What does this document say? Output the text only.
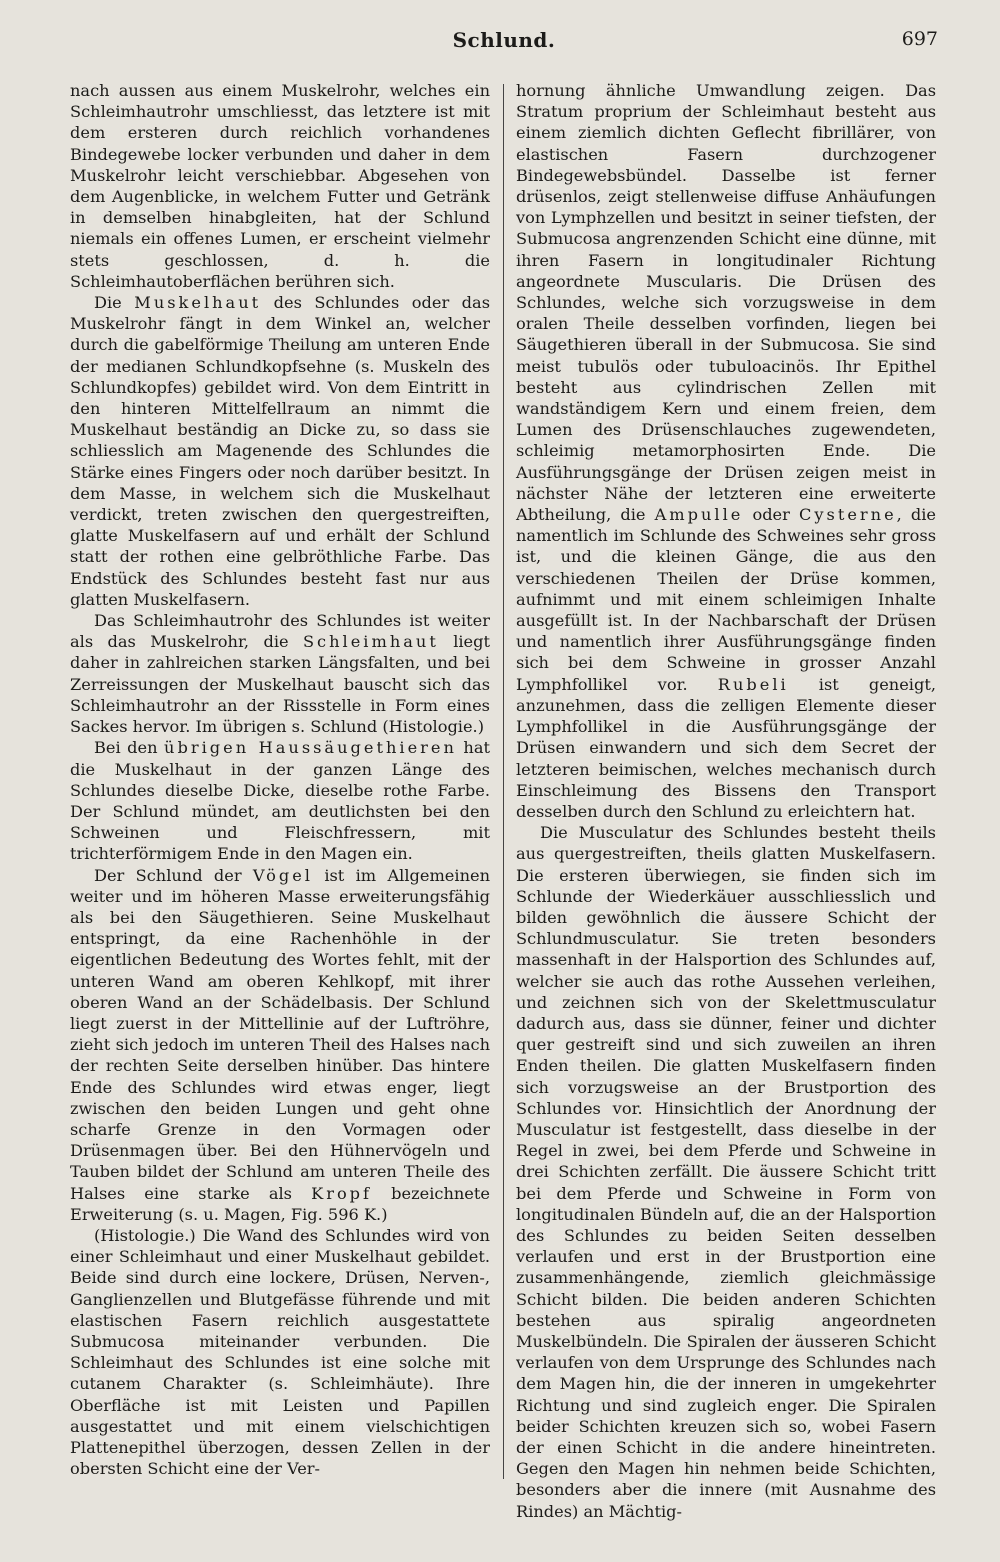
Schlund.	697

nach aussen aus einem Muskelrohr, welches ein Schleimhautrohr umschliesst, das letztere ist mit dem ersteren durch reichlich vorhandenes Bindegewebe locker verbunden und daher in dem Muskelrohr leicht verschiebbar. Abgesehen von dem Augenblicke, in welchem Futter und Getränk in demselben hinabgleiten, hat der Schlund niemals ein offenes Lumen, er erscheint vielmehr stets geschlossen, d. h. die Schleimhautoberflächen berühren sich.

Die Muskelhaut des Schlundes oder das Muskelrohr fängt in dem Winkel an, welcher durch die gabelförmige Theilung am unteren Ende der medianen Schlundkopfsehne (s. Muskeln des Schlundkopfes) gebildet wird. Von dem Eintritt in den hinteren Mittelfellraum an nimmt die Muskelhaut beständig an Dicke zu, so dass sie schliesslich am Magenende des Schlundes die Stärke eines Fingers oder noch darüber besitzt. In dem Masse, in welchem sich die Muskelhaut verdickt, treten zwischen den quergestreiften, glatte Muskelfasern auf und erhält der Schlund statt der rothen eine gelbröthliche Farbe. Das Endstück des Schlundes besteht fast nur aus glatten Muskelfasern.

Das Schleimhautrohr des Schlundes ist weiter als das Muskelrohr, die Schleimhaut liegt daher in zahlreichen starken Längsfalten, und bei Zerreissungen der Muskelhaut bauscht sich das Schleimhautrohr an der Rissstelle in Form eines Sackes hervor. Im übrigen s. Schlund (Histologie.)

Bei den übrigen Haussäugethieren hat die Muskelhaut in der ganzen Länge des Schlundes dieselbe Dicke, dieselbe rothe Farbe. Der Schlund mündet, am deutlichsten bei den Schweinen und Fleischfressern, mit trichterförmigem Ende in den Magen ein.

Der Schlund der Vögel ist im Allgemeinen weiter und im höheren Masse erweiterungsfähig als bei den Säugethieren. Seine Muskelhaut entspringt, da eine Rachenhöhle in der eigentlichen Bedeutung des Wortes fehlt, mit der unteren Wand am oberen Kehlkopf, mit ihrer oberen Wand an der Schädelbasis. Der Schlund liegt zuerst in der Mittellinie auf der Luftröhre, zieht sich jedoch im unteren Theil des Halses nach der rechten Seite derselben hinüber. Das hintere Ende des Schlundes wird etwas enger, liegt zwischen den beiden Lungen und geht ohne scharfe Grenze in den Vormagen oder Drüsenmagen über. Bei den Hühnervögeln und Tauben bildet der Schlund am unteren Theile des Halses eine starke als Kropf bezeichnete Erweiterung (s. u. Magen, Fig. 596 K.)

(Histologie.) Die Wand des Schlundes wird von einer Schleimhaut und einer Muskelhaut gebildet. Beide sind durch eine lockere, Drüsen, Nerven-, Ganglienzellen und Blutgefässe führende und mit elastischen Fasern reichlich ausgestattete Submucosa miteinander verbunden. Die Schleimhaut des Schlundes ist eine solche mit cutanem Charakter (s. Schleimhäute). Ihre Oberfläche ist mit Leisten und Papillen ausgestattet und mit einem vielschichtigen Plattenepithel überzogen, dessen Zellen in der obersten Schicht eine der Ver-

hornung ähnliche Umwandlung zeigen. Das Stratum proprium der Schleimhaut besteht aus einem ziemlich dichten Geflecht fibrillärer, von elastischen Fasern durchzogener Bindegewebsbündel. Dasselbe ist ferner drüsenlos, zeigt stellenweise diffuse Anhäufungen von Lymphzellen und besitzt in seiner tiefsten, der Submucosa angrenzenden Schicht eine dünne, mit ihren Fasern in longitudinaler Richtung angeordnete Muscularis. Die Drüsen des Schlundes, welche sich vorzugsweise in dem oralen Theile desselben vorfinden, liegen bei Säugethieren überall in der Submucosa. Sie sind meist tubulös oder tubuloacinös. Ihr Epithel besteht aus cylindrischen Zellen mit wandständigem Kern und einem freien, dem Lumen des Drüsenschlauches zugewendeten, schleimig metamorphosirten Ende. Die Ausführungsgänge der Drüsen zeigen meist in nächster Nähe der letzteren eine erweiterte Abtheilung, die Ampulle oder Cysterne, die namentlich im Schlunde des Schweines sehr gross ist, und die kleinen Gänge, die aus den verschiedenen Theilen der Drüse kommen, aufnimmt und mit einem schleimigen Inhalte ausgefüllt ist. In der Nachbarschaft der Drüsen und namentlich ihrer Ausführungsgänge finden sich bei dem Schweine in grosser Anzahl Lymphfollikel vor. Rubeli ist geneigt, anzunehmen, dass die zelligen Elemente dieser Lymphfollikel in die Ausführungsgänge der Drüsen einwandern und sich dem Secret der letzteren beimischen, welches mechanisch durch Einschleimung des Bissens den Transport desselben durch den Schlund zu erleichtern hat.

Die Musculatur des Schlundes besteht theils aus quergestreiften, theils glatten Muskelfasern. Die ersteren überwiegen, sie finden sich im Schlunde der Wiederkäuer ausschliesslich und bilden gewöhnlich die äussere Schicht der Schlundmusculatur. Sie treten besonders massenhaft in der Halsportion des Schlundes auf, welcher sie auch das rothe Aussehen verleihen, und zeichnen sich von der Skelettmusculatur dadurch aus, dass sie dünner, feiner und dichter quer gestreift sind und sich zuweilen an ihren Enden theilen. Die glatten Muskelfasern finden sich vorzugsweise an der Brustportion des Schlundes vor. Hinsichtlich der Anordnung der Musculatur ist festgestellt, dass dieselbe in der Regel in zwei, bei dem Pferde und Schweine in drei Schichten zerfällt. Die äussere Schicht tritt bei dem Pferde und Schweine in Form von longitudinalen Bündeln auf, die an der Halsportion des Schlundes zu beiden Seiten desselben verlaufen und erst in der Brustportion eine zusammenhängende, ziemlich gleichmässige Schicht bilden. Die beiden anderen Schichten bestehen aus spiralig angeordneten Muskelbündeln. Die Spiralen der äusseren Schicht verlaufen von dem Ursprunge des Schlundes nach dem Magen hin, die der inneren in umgekehrter Richtung und sind zugleich enger. Die Spiralen beider Schichten kreuzen sich so, wobei Fasern der einen Schicht in die andere hineintreten. Gegen den Magen hin nehmen beide Schichten, besonders aber die innere (mit Ausnahme des Rindes) an Mächtig-
